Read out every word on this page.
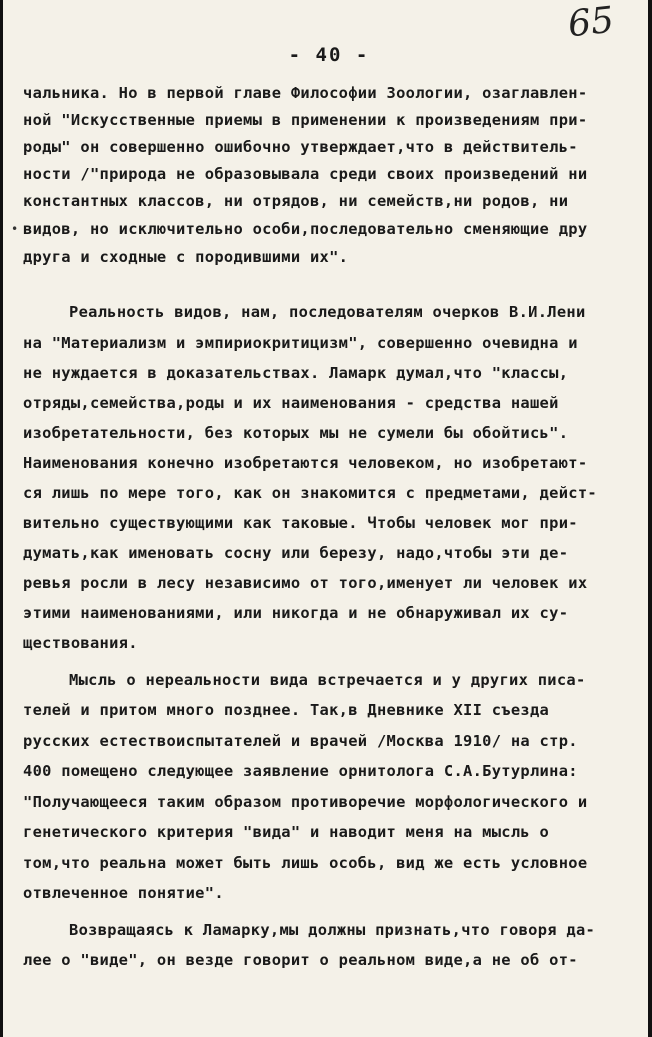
65
- 40 -
•
чальника. Но в первой главе Философии Зоологии, озаглавлен-
ной "Искусственные приемы в применении к произведениям при-
роды" он совершенно ошибочно утверждает,что в действитель-
ности /"природа не образовывала среди своих произведений ни
константных классов, ни отрядов, ни семейств,ни родов, ни
видов, но исключительно особи,последовательно сменяющие дру
друга и сходные с породившими их".
Реальность видов, нам, последователям очерков В.И.Лени
на "Материализм и эмпириокритицизм", совершенно очевидна и
не нуждается в доказательствах. Ламарк думал,что "классы,
отряды,семейства,роды и их наименования - средства нашей
изобретательности, без которых мы не сумели бы обойтись".
Наименования конечно изобретаются человеком, но изобретают-
ся лишь по мере того, как он знакомится с предметами, дейст-
вительно существующими как таковые. Чтобы человек мог при-
думать,как именовать сосну или березу, надо,чтобы эти де-
ревья росли в лесу независимо от того,именует ли человек их
этими наименованиями, или никогда и не обнаруживал их су-
ществования.
Мысль о нереальности вида встречается и у других писа-
телей и притом много позднее. Так,в Дневнике XII съезда
русских естествоиспытателей и врачей /Москва 1910/ на стр.
400 помещено следующее заявление орнитолога С.А.Бутурлина:
"Получающееся таким образом противоречие морфологического и
генетического критерия "вида" и наводит меня на мысль о
том,что реальна может быть лишь особь, вид же есть условное
отвлеченное понятие".
Возвращаясь к Ламарку,мы должны признать,что говоря да-
лее о "виде", он везде говорит о реальном виде,а не об от-
